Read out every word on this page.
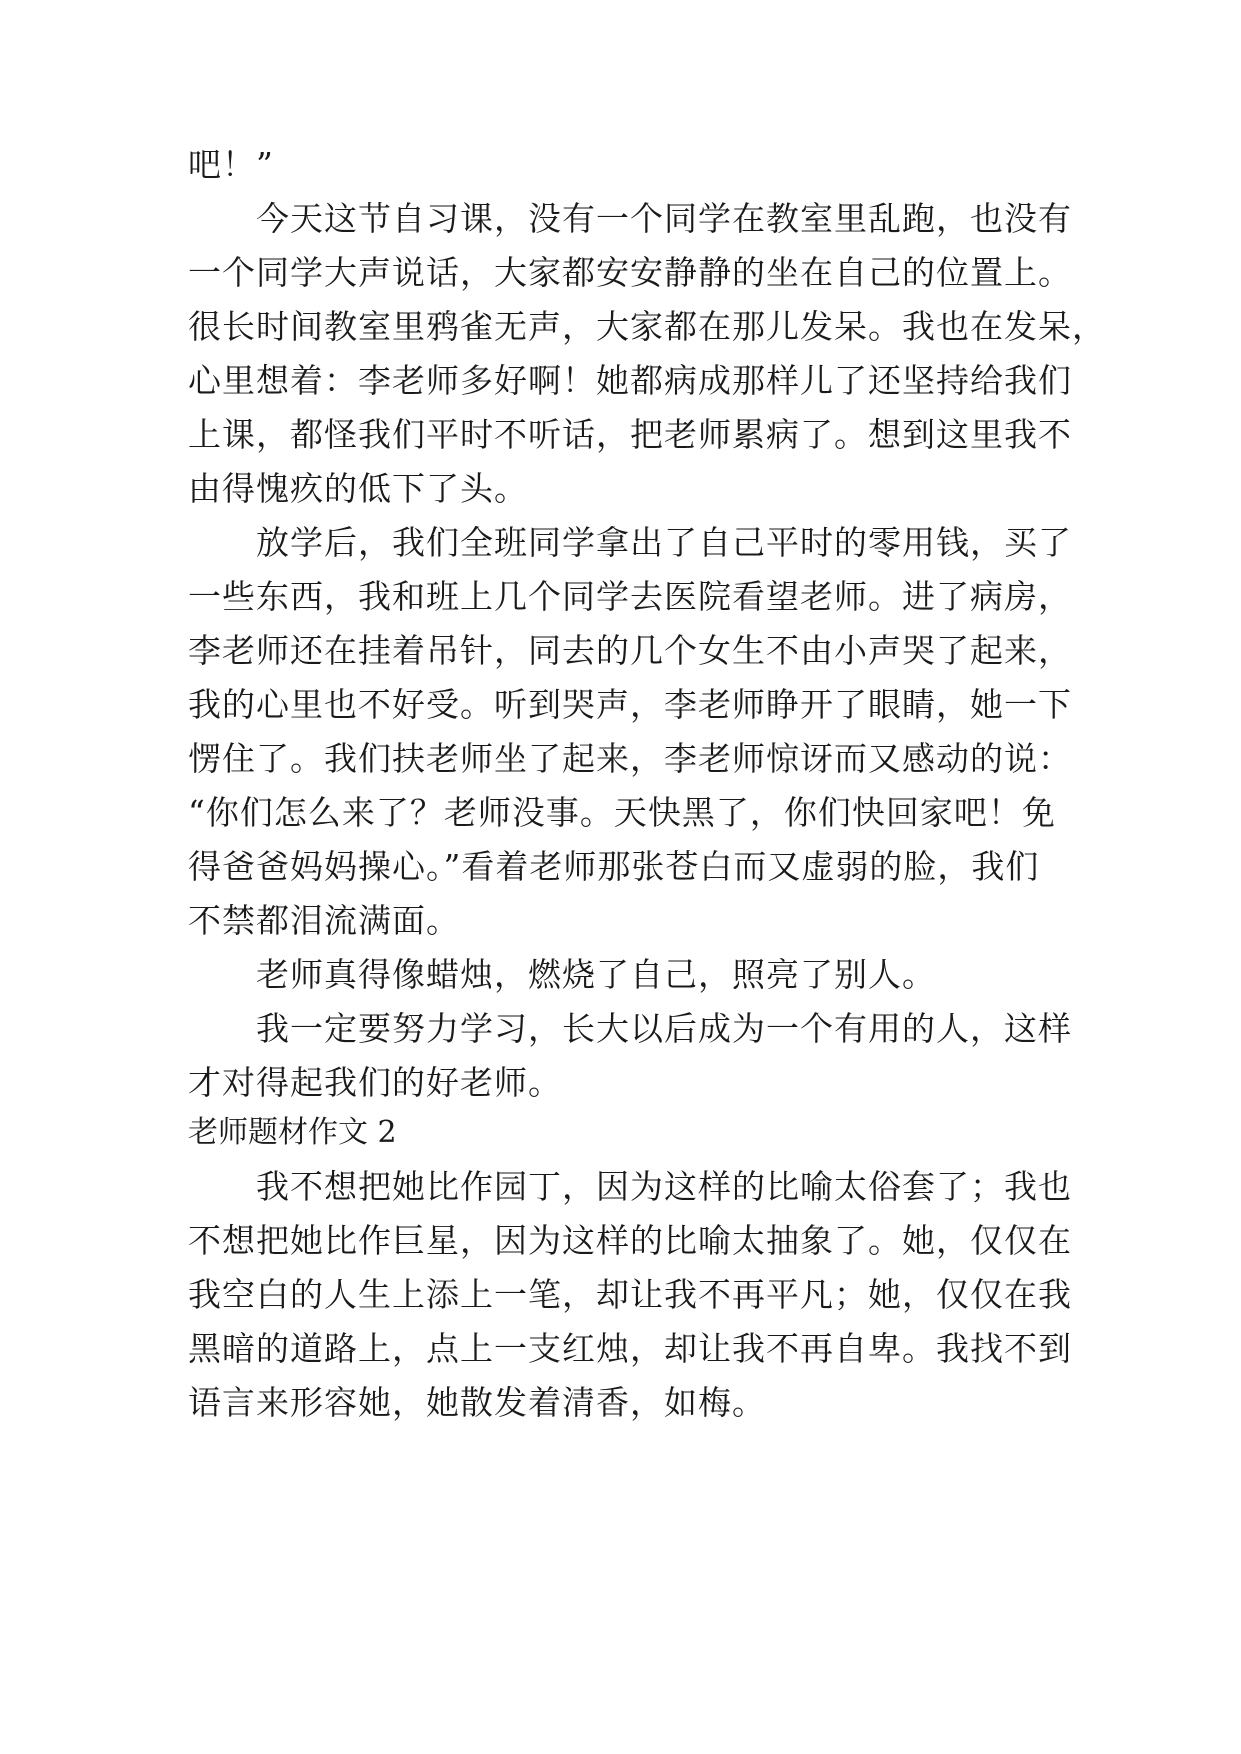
吧！”
　　今天这节自习课，没有一个同学在教室里乱跑，也没有
一个同学大声说话，大家都安安静静的坐在自己的位置上。
很长时间教室里鸦雀无声，大家都在那儿发呆。我也在发呆，
心里想着：李老师多好啊！她都病成那样儿了还坚持给我们
上课，都怪我们平时不听话，把老师累病了。想到这里我不
由得愧疚的低下了头。
　　放学后，我们全班同学拿出了自己平时的零用钱，买了
一些东西，我和班上几个同学去医院看望老师。进了病房，
李老师还在挂着吊针，同去的几个女生不由小声哭了起来，
我的心里也不好受。听到哭声，李老师睁开了眼睛，她一下
愣住了。我们扶老师坐了起来，李老师惊讶而又感动的说：
“你们怎么来了？老师没事。天快黑了，你们快回家吧！免
得爸爸妈妈操心。”看着老师那张苍白而又虚弱的脸，我们
不禁都泪流满面。
　　老师真得像蜡烛，燃烧了自己，照亮了别人。
　　我一定要努力学习，长大以后成为一个有用的人，这样
才对得起我们的好老师。
老师题材作文 2
　　我不想把她比作园丁，因为这样的比喻太俗套了；我也
不想把她比作巨星，因为这样的比喻太抽象了。她，仅仅在
我空白的人生上添上一笔，却让我不再平凡；她，仅仅在我
黑暗的道路上，点上一支红烛，却让我不再自卑。我找不到
语言来形容她，她散发着清香，如梅。
